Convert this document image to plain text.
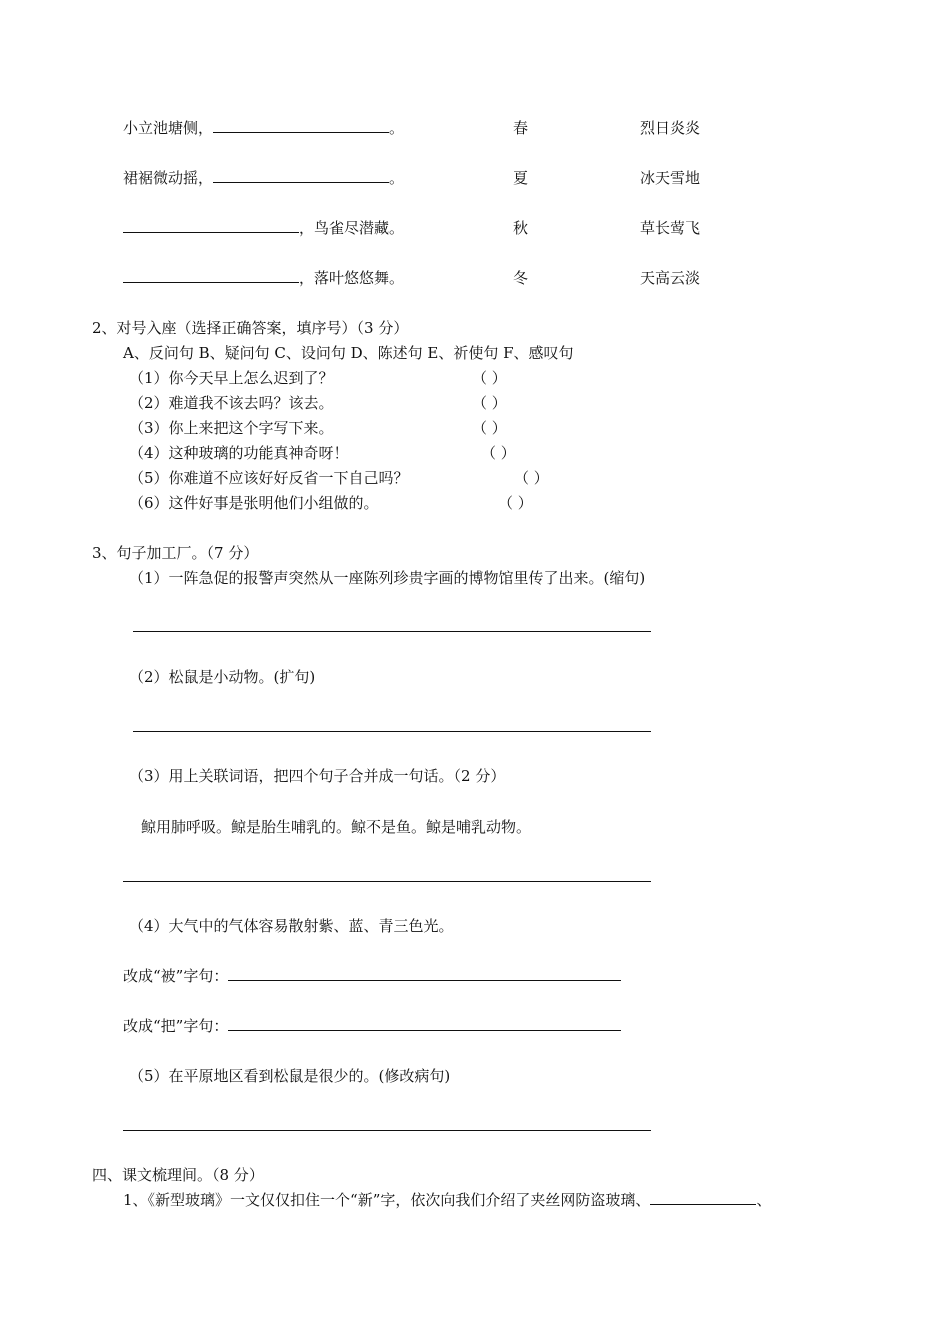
小立池塘侧，	。	春	烈日炎炎
裙裾微动摇，	。	夏	冰天雪地
，鸟雀尽潜藏。	秋	草长莺飞
，落叶悠悠舞。	冬	天高云淡
2、对号入座（选择正确答案，填序号）（3 分）
A、反问句 B、疑问句 C、设问句 D、陈述句 E、祈使句 F、感叹句
（1）你今天早上怎么迟到了？	（ ）
（2）难道我不该去吗？该去。	（ ）
（3）你上来把这个字写下来。	（ ）
（4）这种玻璃的功能真神奇呀！	（ ）
（5）你难道不应该好好反省一下自己吗？	（ ）
（6）这件好事是张明他们小组做的。	（ ）
3、句子加工厂。（7 分）
（1）一阵急促的报警声突然从一座陈列珍贵字画的博物馆里传了出来。(缩句)
（2）松鼠是小动物。(扩句)
（3）用上关联词语，把四个句子合并成一句话。（2 分）
鲸用肺呼吸。鲸是胎生哺乳的。鲸不是鱼。鲸是哺乳动物。
（4）大气中的气体容易散射紫、蓝、青三色光。
改成“被”字句：
改成“把”字句：
（5）在平原地区看到松鼠是很少的。(修改病句)
四、课文梳理间。（8 分）
1、《新型玻璃》一文仅仅扣住一个“新”字，依次向我们介绍了夹丝网防盗玻璃、	、
